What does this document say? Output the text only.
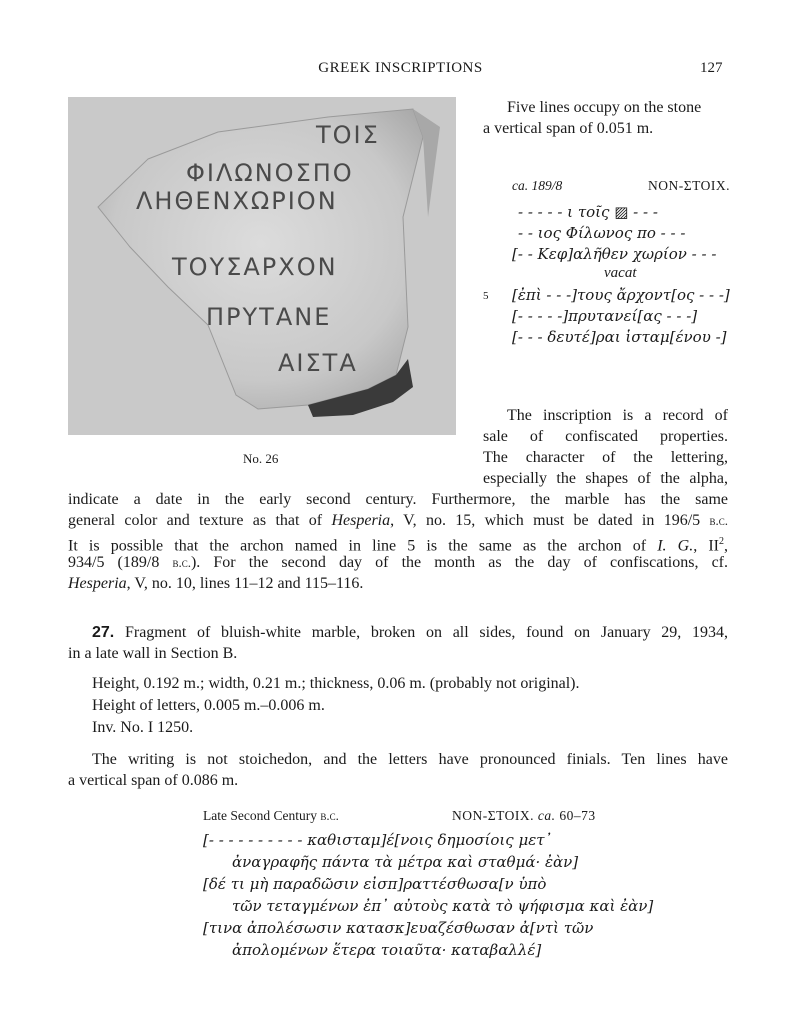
GREEK INSCRIPTIONS	127
ΤΟΙΣ
ΦΙΛΩΝΟΣΠΟ
ΛΗΘΕΝΧΩΡΙΟΝ
ΤΟΥΣΑΡΧΟΝ
ΠΡΥΤΑΝΕ
ΑΙΣΤΑ
No. 26
Five lines occupy on the stone
a vertical span of 0.051 m.
ca. 189/8	NON-ΣΤΟΙΧ.
- - - - - ι τοῖς ▨ - - -
- - ιος Φίλωνος πο - - -
[- - Κεφ]αλῆθεν χωρίον - - -
vacat
5 [ἐπὶ - - -]τους ἄρχοντ[ος - - -]
[- - - - -]πρυτανεί[ας - - -]
[- - - δευτέ]ραι ἱσταμ[ένου -]
The inscription is a record of
sale of confiscated properties.
The character of the lettering,
especially the shapes of the alpha,
indicate a date in the early second century. Furthermore, the marble has the same
general color and texture as that of Hesperia, V, no. 15, which must be dated in 196/5 b.c.
It is possible that the archon named in line 5 is the same as the archon of I. G., $II^2$,
934/5 (189/8 b.c.). For the second day of the month as the day of confiscations, cf.
Hesperia, V, no. 10, lines 11–12 and 115–116.
27. Fragment of bluish-white marble, broken on all sides, found on January 29, 1934,
in a late wall in Section B.
Height, 0.192 m.; width, 0.21 m.; thickness, 0.06 m. (probably not original).
Height of letters, 0.005 m.–0.006 m.
Inv. No. I 1250.
The writing is not stoichedon, and the letters have pronounced finials. Ten lines have
a vertical span of 0.086 m.
Late Second Century b.c.	NON-ΣΤΟΙΧ. ca. 60–73
[- - - - - - - - - - καθισταμ]έ[νοις δημοσίοις μετ᾽
ἀναγραφῆς πάντα τὰ μέτρα καὶ σταθμά· ἐὰν]
[δέ τι μὴ παραδῶσιν εἰσπ]ραττέσθωσα[ν ὑπὸ
τῶν τεταγμένων ἐπ᾽ αὐτοὺς κατὰ τὸ ψήφισμα καὶ ἐὰν]
[τινα ἀπολέσωσιν κατασκ]ευαζέσθωσαν ἀ[ντὶ τῶν
ἀπολομένων ἕτερα τοιαῦτα· καταβαλλέ]
